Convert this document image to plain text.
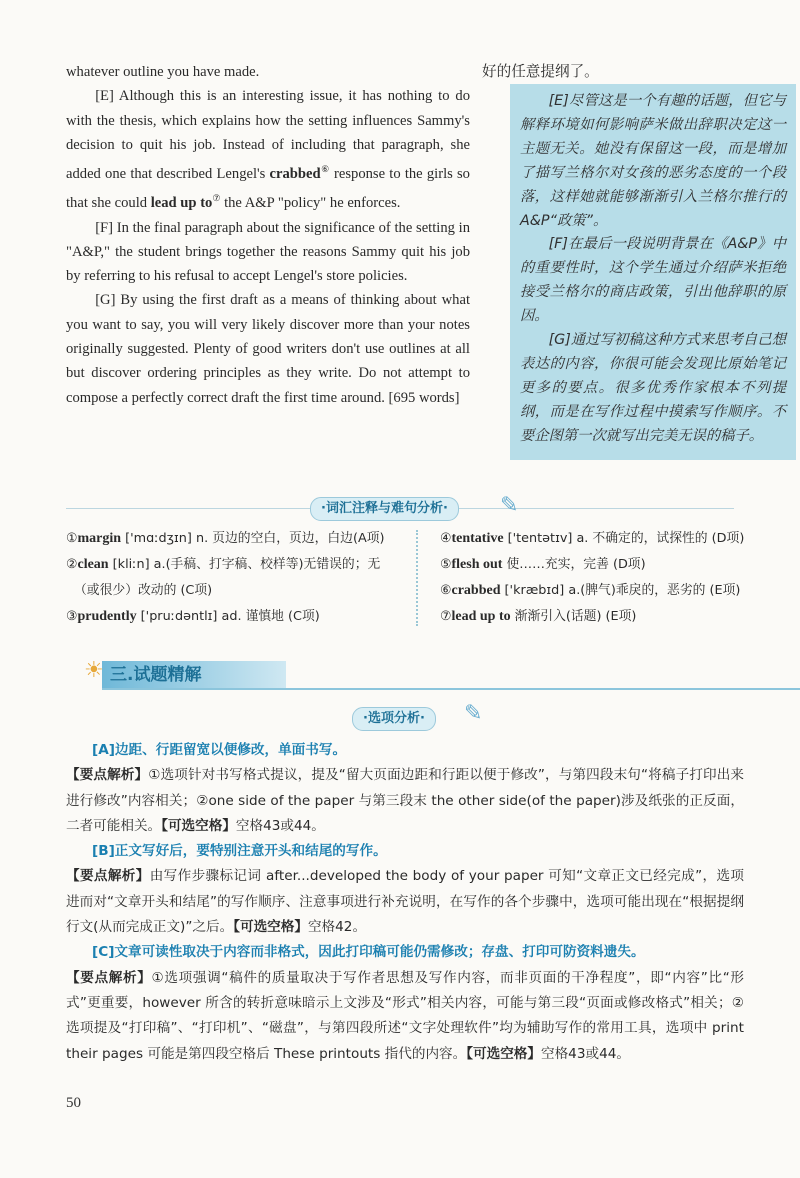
whatever outline you have made.

[E] Although this is an interesting issue, it has nothing to do with the thesis, which explains how the setting influences Sammy's decision to quit his job. Instead of including that paragraph, she added one that described Lengel's crabbed⑥ response to the girls so that she could lead up to⑦ the A&P "policy" he enforces.

[F] In the final paragraph about the significance of the setting in "A&P," the student brings together the reasons Sammy quit his job by referring to his refusal to accept Lengel's store policies.

[G] By using the first draft as a means of thinking about what you want to say, you will very likely discover more than your notes originally suggested. Plenty of good writers don't use outlines at all but discover ordering principles as they write. Do not attempt to compose a perfectly correct draft the first time around. [695 words]

好的任意提纲了。

[E]尽管这是一个有趣的话题，但它与解释环境如何影响萨米做出辞职决定这一主题无关。她没有保留这一段，而是增加了描写兰格尔对女孩的恶劣态度的一个段落，这样她就能够渐渐引入兰格尔推行的A&P“政策”。

[F]在最后一段说明背景在《A&P》中的重要性时，这个学生通过介绍萨米拒绝接受兰格尔的商店政策，引出他辞职的原因。

[G]通过写初稿这种方式来思考自己想表达的内容，你很可能会发现比原始笔记更多的要点。很多优秀作家根本不列提纲，而是在写作过程中摸索写作顺序。不要企图第一次就写出完美无误的稿子。

·词汇注释与难句分析·	✎
①margin ['mɑːdʒɪn] n. 页边的空白，页边，白边(A项)
②clean [kliːn] a.(手稿、打字稿、校样等)无错误的；无
（或很少）改动的 (C项)
③prudently ['pruːdəntlɪ] ad. 谨慎地 (C项)
④tentative ['tentətɪv] a. 不确定的，试探性的 (D项)
⑤flesh out 使……充实，完善 (D项)
⑥crabbed ['kræbɪd] a.(脾气)乖戾的，恶劣的 (E项)
⑦lead up to 渐渐引入(话题) (E项)
☀ 三.试题精解
·选项分析·	✎

[A]边距、行距留宽以便修改，单面书写。

【要点解析】①选项针对书写格式提议，提及“留大页面边距和行距以便于修改”，与第四段末句“将稿子打印出来进行修改”内容相关；②one side of the paper 与第三段末 the other side(of the paper)涉及纸张的正反面，二者可能相关。【可选空格】空格43或44。

[B]正文写好后，要特别注意开头和结尾的写作。

【要点解析】由写作步骤标记词 after...developed the body of your paper 可知“文章正文已经完成”，选项进而对“文章开头和结尾”的写作顺序、注意事项进行补充说明，在写作的各个步骤中，选项可能出现在“根据提纲行文(从而完成正文)”之后。【可选空格】空格42。

[C]文章可读性取决于内容而非格式，因此打印稿可能仍需修改；存盘、打印可防资料遗失。

【要点解析】①选项强调“稿件的质量取决于写作者思想及写作内容，而非页面的干净程度”，即“内容”比“形式”更重要，however 所含的转折意味暗示上文涉及“形式”相关内容，可能与第三段“页面或修改格式”相关；②选项提及“打印稿”、“打印机”、“磁盘”，与第四段所述“文字处理软件”均为辅助写作的常用工具，选项中 print their pages 可能是第四段空格后 These printouts 指代的内容。【可选空格】空格43或44。

50
